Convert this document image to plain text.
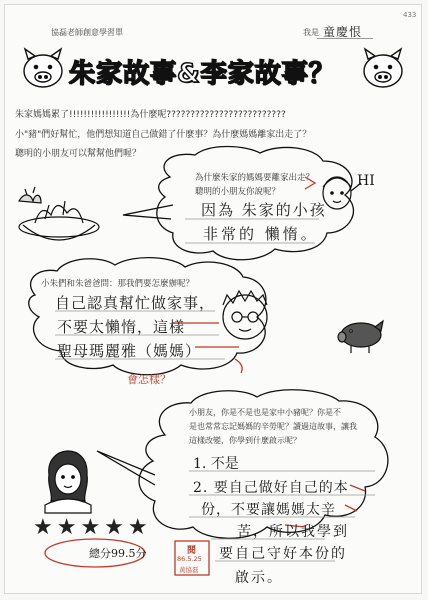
協磊老師創意學習單	我是 童慶恨
433
朱家故事&李家故事？
朱家媽媽累了!!!!!!!!!!!!!!!!!為什麼呢?????????????????????????
小"豬"們好幫忙，他們想知道自己做錯了什麼事？為什麼媽媽離家出走了？
聰明的小朋友可以幫幫他們喔？
為什麼朱家的媽媽要離家出走？
聰明的小朋友你說呢？
因為 朱家的小孩
非常的 懶惰。
HI
小朱們和朱爸爸問：那我們要怎麼辦呢？
自己認真幫忙做家事，
不要太懶惰，這樣
聖母瑪麗雅（媽媽）
會怎樣？
小朋友，你是不是也是家中小豬呢？你是不
是也常常忘記媽媽的辛勞呢？讀過這故事，讓我
這樣改變，你學到什麼啟示呢？
1. 不是
2. 要自己做好自己的本
份，不要讓媽媽太辛
苦，所以我學到
要自己守好本份的
啟示。
★★★★★
總分99.5分	閱
86.5.25
黃協磊
